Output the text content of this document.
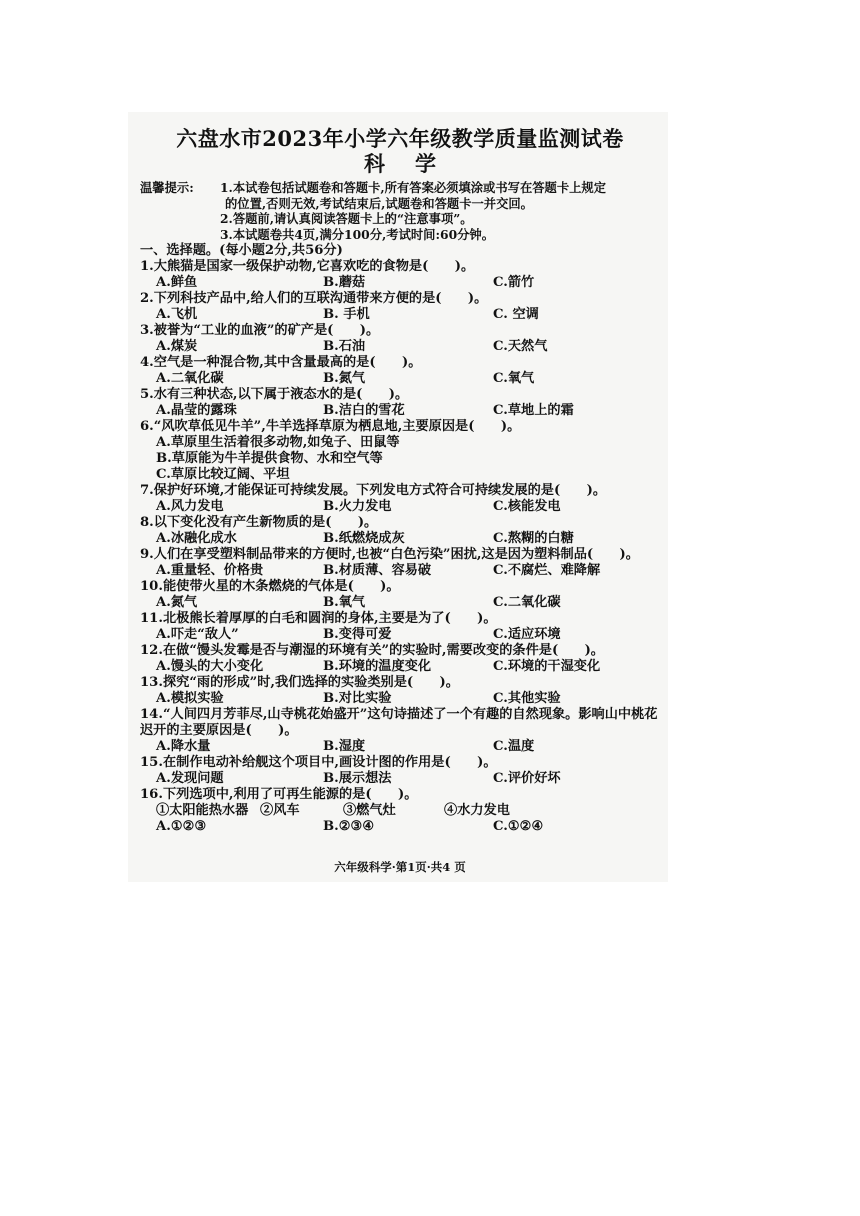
六盘水市2023年小学六年级教学质量监测试卷

科学

温馨提示: 1.本试卷包括试题卷和答题卡,所有答案必须填涂或书写在答题卡上规定

的位置,否则无效,考试结束后,试题卷和答题卡一并交回。

2.答题前,请认真阅读答题卡上的“注意事项”。

3.本试题卷共4页,满分100分,考试时间:60分钟。

一、选择题。(每小题2分,共56分)

1.大熊猫是国家一级保护动物,它喜欢吃的食物是(　　)。
A.鲜鱼	B.蘑菇	C.箭竹
2.下列科技产品中,给人们的互联沟通带来方便的是(　　)。
A.飞机	B. 手机	C. 空调
3.被誉为“工业的血液”的矿产是(　　)。
A.煤炭	B.石油	C.天然气
4.空气是一种混合物,其中含量最高的是(　　)。
A.二氧化碳	B.氮气	C.氧气
5.水有三种状态,以下属于液态水的是(　　)。
A.晶莹的露珠	B.洁白的雪花	C.草地上的霜
6.“风吹草低见牛羊”,牛羊选择草原为栖息地,主要原因是(　　)。
A.草原里生活着很多动物,如兔子、田鼠等
B.草原能为牛羊提供食物、水和空气等
C.草原比较辽阔、平坦
7.保护好环境,才能保证可持续发展。下列发电方式符合可持续发展的是(　　)。
A.风力发电	B.火力发电	C.核能发电
8.以下变化没有产生新物质的是(　　)。
A.冰融化成水	B.纸燃烧成灰	C.熬糊的白糖
9.人们在享受塑料制品带来的方便时,也被“白色污染”困扰,这是因为塑料制品(　　)。
A.重量轻、价格贵	B.材质薄、容易破	C.不腐烂、难降解
10.能使带火星的木条燃烧的气体是(　　)。
A.氮气	B.氧气	C.二氧化碳
11.北极熊长着厚厚的白毛和圆润的身体,主要是为了(　　)。
A.吓走“敌人”	B.变得可爱	C.适应环境
12.在做“馒头发霉是否与潮湿的环境有关”的实验时,需要改变的条件是(　　)。
A.馒头的大小变化	B.环境的温度变化	C.环境的干湿变化
13.探究“雨的形成”时,我们选择的实验类别是(　　)。
A.模拟实验	B.对比实验	C.其他实验
14.“人间四月芳菲尽,山寺桃花始盛开”这句诗描述了一个有趣的自然现象。影响山中桃花迟开的主要原因是(　　)。
A.降水量	B.湿度	C.温度
15.在制作电动补给舰这个项目中,画设计图的作用是(　　)。
A.发现问题	B.展示想法	C.评价好坏
16.下列选项中,利用了可再生能源的是(　　)。
①太阳能热水器 ②风车	③燃气灶	④水力发电
A.①②③	B.②③④	C.①②④
六年级科学·第1页·共4 页
